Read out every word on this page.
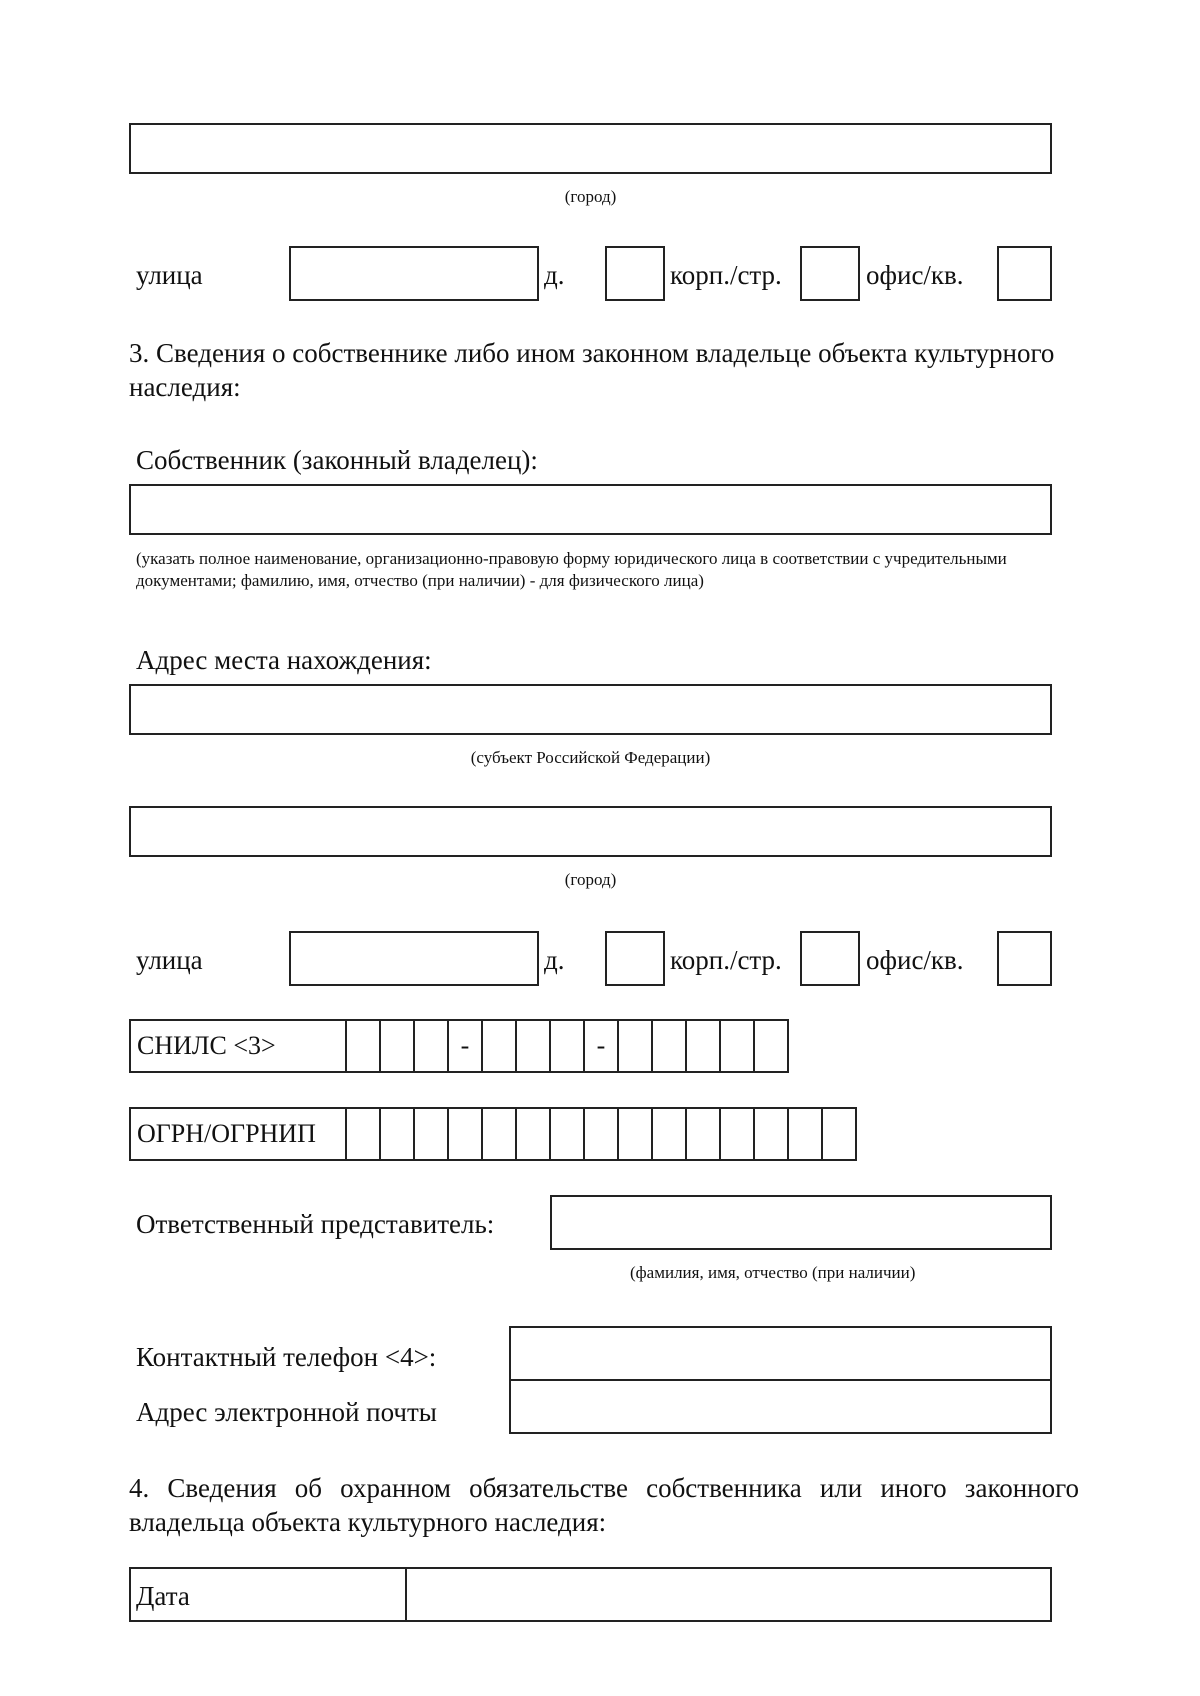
(город)
улица	д.	корп./стр.	офис/кв.
3. Сведения о собственнике либо ином законном владельце объекта культурного наследия:
Собственник (законный владелец):
(указать полное наименование, организационно-правовую форму юридического лица в соответствии с учредительными документами; фамилию, имя, отчество (при наличии) - для физического лица)
Адрес места нахождения:
(субъект Российской Федерации)
(город)
улица	д.	корп./стр.	офис/кв.
СНИЛС <3>	-	-
ОГРН/ОГРНИП
Ответственный представитель:
(фамилия, имя, отчество (при наличии)
Контактный телефон <4>:
Адрес электронной почты
4. Сведения об охранном обязательстве собственника или иного законного владельца объекта культурного наследия:
Дата
